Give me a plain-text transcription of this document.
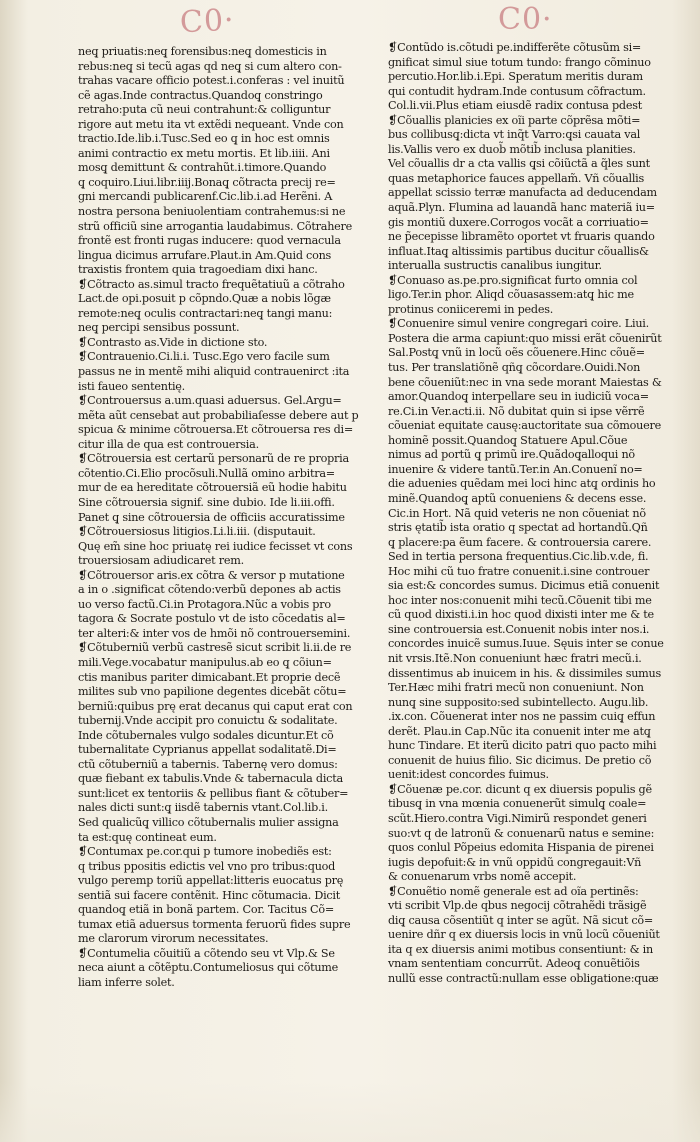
C0·	C0·
neq̧ priuatis:neq̧ forensibus:neq̧ domesticis in
rebus:neq̧ si tecũ agas qd neq̧ si cum altero con-
trahas vacare officio potest.i.conferas : vel inuitũ
cẽ agas.Inde contractus.Quandoq̧ constringo
retraho:puta cũ neui contrahunt:& colliguntur
rigore aut metu ita vt extẽdi nequeant. Vnde con
tractio.Ide.lib.i.Tusc.Sed eo q̧ in hoc est omnis
animi contractio ex metu mortis. Et lib.iiii. Ani
mosq̧ demittunt & contrahũt.i.timore.Quando
q̧ coquiro.Liui.libr.iiij.Bonaq̧ cõtracta precij re=
gni mercandi publicarenf.Cic.lib.i.ad Herẽni. A
nostra persona beniuolentiam contrahemus:si ne
strũ officiũ sine arrogantia laudabimus. Cõtrahere
frontẽ est fronti rugas inducere: quod vernacula
lingua dicimus arrufare.Plaut.in Am.Quid cons
traxistis frontem quia tragoediam dixi hanc.
❡Cõtracto as.simul tracto frequẽtatiuũ a cõtraho
Lact.de opi.posuit p cõpndo.Quæ a nobis lõgæ
remote:neq̧ oculis contractari:neq̧ tangi manu:
neq̧ percipi sensibus possunt.
❡Contrasto as.Vide in dictione sto.
❡Contrauenio.Ci.li.i. Tusc.Ego vero facile sum
passus ne in mentẽ mihi aliquid contrauenirct :ita
isti faueo sententię.
❡Controuersus a.um.quasi aduersus. Gel.Argu=
mẽta aũt censebat aut probabiliaſesse debere aut p
spicua & minime cõtrouersa.Et cõtrouersa res di=
citur illa de qua est controuersia.
❡Cõtrouersia est certarũ personarũ de re propria
cõtentio.Ci.Elio procõsuli.Nullã omino arbitra=
mur de ea hereditate cõtrouersiã eũ hodie habitu
Sine cõtrouersia signif. sine dubio. Ide li.iii.offi.
Panet q̧ sine cõtrouersia de officiis accuratissime
❡Cõtrouersiosus litigios.Li.li.iii. (disputauit.
Quę em̃ sine hoc priuatę rei iudice fecisset vt cons
trouersiosam adiudicaret rem.
❡Cõtrouersor aris.ex cõtra & versor p mutatione
a in o .significat cõtendo:verbũ depones ab actis
uo verso factũ.Ci.in Protagora.Nũc a vobis pro
tagora & Socrate postulo vt de isto cõcedatis al=
ter alteri:& inter vos de hmõi nõ controuersemini.
❡Cõtuberniũ verbũ castresẽ sicut scribit li.ii.de re
mili.Vege.vocabatur manipulus.ab eo q̧ cõiun=
ctis manibus pariter dimicabant.Et proprie decẽ
milites sub vno papilione degentes dicebãt cõtu=
berniũ:quibus prę erat decanus qui caput erat con
tubernij.Vnde accipit pro conuictu & sodalitate.
Inde cõtubernales vulgo sodales dicuntur.Et cõ
tubernalitate Cyprianus appellat sodalitatẽ.Di=
ctũ cõtuberniũ a tabernis. Tabernę vero domus:
quæ fiebant ex tabulis.Vnde & tabernacula dicta
sunt:licet ex tentoriis & pellibus fiant & cõtuber=
nales dicti sunt:q̧ iisdẽ tabernis vtant.Col.lib.i.
Sed qualicũq̧ villico cõtubernalis mulier assigna
ta est:quę contineat eum.
❡Contumax pe.cor.qui p tumore inobediẽs est:
q tribus ppositis edictis vel vno pro tribus:quod
vulgo peremp toriũ appellat:litteris euocatus prę
sentiã sui facere contẽnit. Hinc cõtumacia. Dicit
quandoq̧ etiã in bonã partem. Cor. Tacitus Cõ=
tumax etiã aduersus tormenta feruorũ fides supre
me clarorum virorum necessitates.
❡Contumelia cõuitiũ a cõtendo seu vt Vlp.& Se
neca aiunt a cõtẽptu.Contumeliosus qui cõtume
liam inferre solet.
❡Contũdo is.cõtudi pe.indifferẽte cõtusũm si=
gnificat simul siue totum tundo: frango cõminuo
percutio.Hor.lib.i.Epi. Speratum meritis duram
qui contudit hydram.Inde contusum cõfractum.
Col.li.vii.Plus etiam eiusdẽ radix contusa pdest
❡Cõuallis planicies ex oĩi parte cõprẽsa mõti=
bus collibusq̧:dicta vt inq̃t Varro:q̧si cauata val
lis.Vallis vero ex duob̃ mõtib̃ inclusa planities.
Vel cõuallis dr a cta vallis q̧si cõiũctã a q̃les sunt
quas metaphorice fauces appellam̃. Vñ cõuallis
appellat scissio terræ manufacta ad deducendam
aquã.Plyn. Flumina ad lauandã hanc materiã iu=
gis montiũ duxere.Corrogos vocãt a corriuatio=
ne p̃ecepisse libramẽto oportet vt fruaris quando
influat.Itaq̧ altissimis partibus ducitur cõuallis&
interualla sustructis canalibus iungitur.
❡Conuaso as.pe.pro.significat furto omnia col
ligo.Ter.in phor. Aliqd cõuasassem:atq̧ hic me
protinus coniiceremi in pedes.
❡Conuenire simul venire congregari coire. Liui.
Postera die arma capiunt:quo missi erãt cõuenirũt
Sal.Postq̧ vnũ in locũ oẽs cõuenere.Hinc cõuẽ=
tus. Per translatiõnẽ qñq̧ cõcordare.Ouidi.Non
bene cõueniũt:nec in vna sede morant Maiestas &
amor.Quandoq̧ interpellare seu in iudiciũ voca=
re.Ci.in Ver.acti.ii. Nõ dubitat quin si ipse vẽrrẽ
cõueniat equitate causę:auctoritate sua cõmouere
hominẽ possit.Quandoq̧ Statuere Apul.Cõue
nimus ad portũ q̧ primũ ire.Quãdoq̧alloqui nõ
inuenire & videre tantũ.Ter.in An.Conuenĩ no=
die aduenies quẽdam mei loci hinc atq̧ ordinis ho
minẽ.Quandoq̧ aptũ conueniens & decens esse.
Cic.in Hort. Nã quid veteris ne non cõueniat nõ
stris ętatib̃ ista oratio q spectat ad hortandũ.Qñ
q̧ placere:pa ẽum facere. & controuersia carere.
Sed in tertia persona frequentius.Cic.lib.v.de, fi.
Hoc mihi cũ tuo fratre conuenit.i.sine controuer
sia est:& concordes sumus. Dicimus etiã conuenit
hoc inter nos:conuenit mihi tecũ.Cõuenit tibi me
cũ quod dixisti.i.in hoc quod dixisti inter me & te
sine controuersia est.Conuenit nobis inter nos.i.
concordes inuicẽ sumus.Iuue. Sęuis inter se conue
nit vrsis.Itẽ.Non conueniunt hæc fratri mecũ.i.
dissentimus ab inuicem in his. & dissimiles sumus
Ter.Hæc mihi fratri mecũ non conueniunt. Non
nunq̧ sine supposito:sed subintellecto. Augu.lib.
.ix.con. Cõuenerat inter nos ne passim cuiq̧ effun
derẽt. Plau.in Cap.Nũc ita conuenit inter me atq̧
hunc Tindare. Et iterũ dicito patri quo pacto mihi
conuenit de huius filio. Sic dicimus. De pretio cõ
uenit:idest concordes fuimus.
❡Cõuenæ pe.cor. dicunt q ex diuersis populis gẽ
tibusq̧ in vna mœnia conuenerũt simulq̧ coale=
scũt.Hiero.contra Vigi.Nimirũ respondet generi
suo:vt q de latronũ & conuenarũ natus e semine:
quos conlul Põpeius edomita Hispania de pirenei
iugis depofuit:& in vnũ oppidũ congregauit:Vñ
& conuenarum vrbs nomẽ accepit.
❡Conuẽtio nomẽ generale est ad oĩa pertinẽs:
vti scribit Vlp.de qbus negocij cõtrahẽdi trãsigẽ
diq̧ causa cõsentiũt q inter se agũt. Nã sicut cõ=
uenire dñr q ex diuersis locis in vnũ locũ cõueniũt
ita q ex diuersis animi motibus consentiunt: & in
vnam sententiam concurrũt. Adeoq̧ conuẽtiõis
nullũ esse contractũ:nullam esse obligatione:quæ
